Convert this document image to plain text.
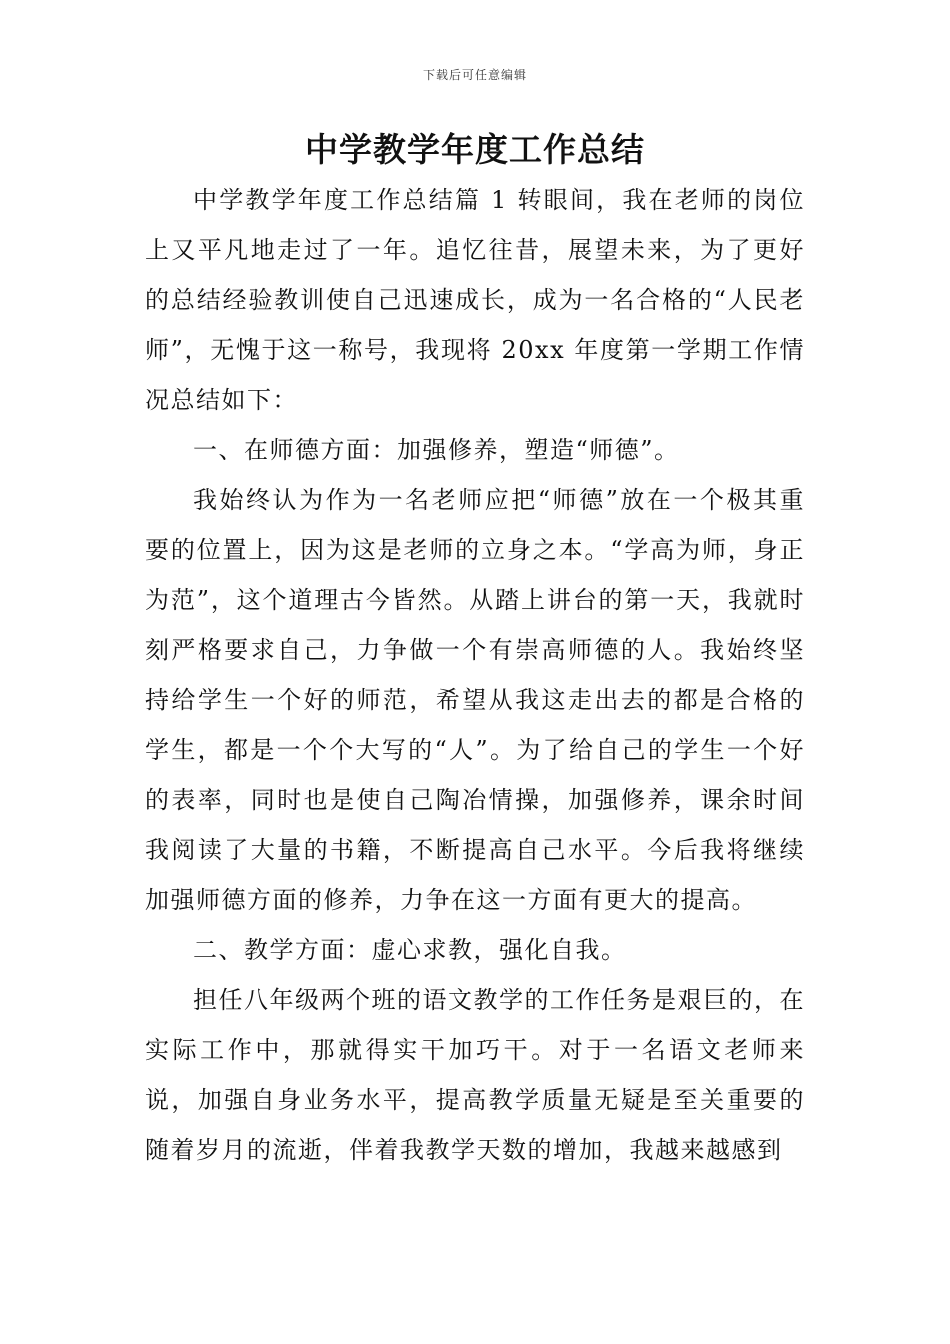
下载后可任意编辑
中学教学年度工作总结

中学教学年度工作总结篇 1 转眼间，我在老师的岗位上又平凡地走过了一年。追忆往昔，展望未来，为了更好的总结经验教训使自己迅速成长，成为一名合格的“人民老师”，无愧于这一称号，我现将 20xx 年度第一学期工作情况总结如下：

一、在师德方面：加强修养，塑造“师德”。

我始终认为作为一名老师应把“师德”放在一个极其重要的位置上，因为这是老师的立身之本。“学高为师，身正为范”，这个道理古今皆然。从踏上讲台的第一天，我就时刻严格要求自己，力争做一个有崇高师德的人。我始终坚持给学生一个好的师范，希望从我这走出去的都是合格的学生，都是一个个大写的“人”。为了给自己的学生一个好的表率，同时也是使自己陶冶情操，加强修养，课余时间我阅读了大量的书籍，不断提高自己水平。今后我将继续加强师德方面的修养，力争在这一方面有更大的提高。

二、教学方面：虚心求教，强化自我。

担任八年级两个班的语文教学的工作任务是艰巨的，在实际工作中，那就得实干加巧干。对于一名语文老师来说，加强自身业务水平，提高教学质量无疑是至关重要的随着岁月的流逝，伴着我教学天数的增加，我越来越感到
